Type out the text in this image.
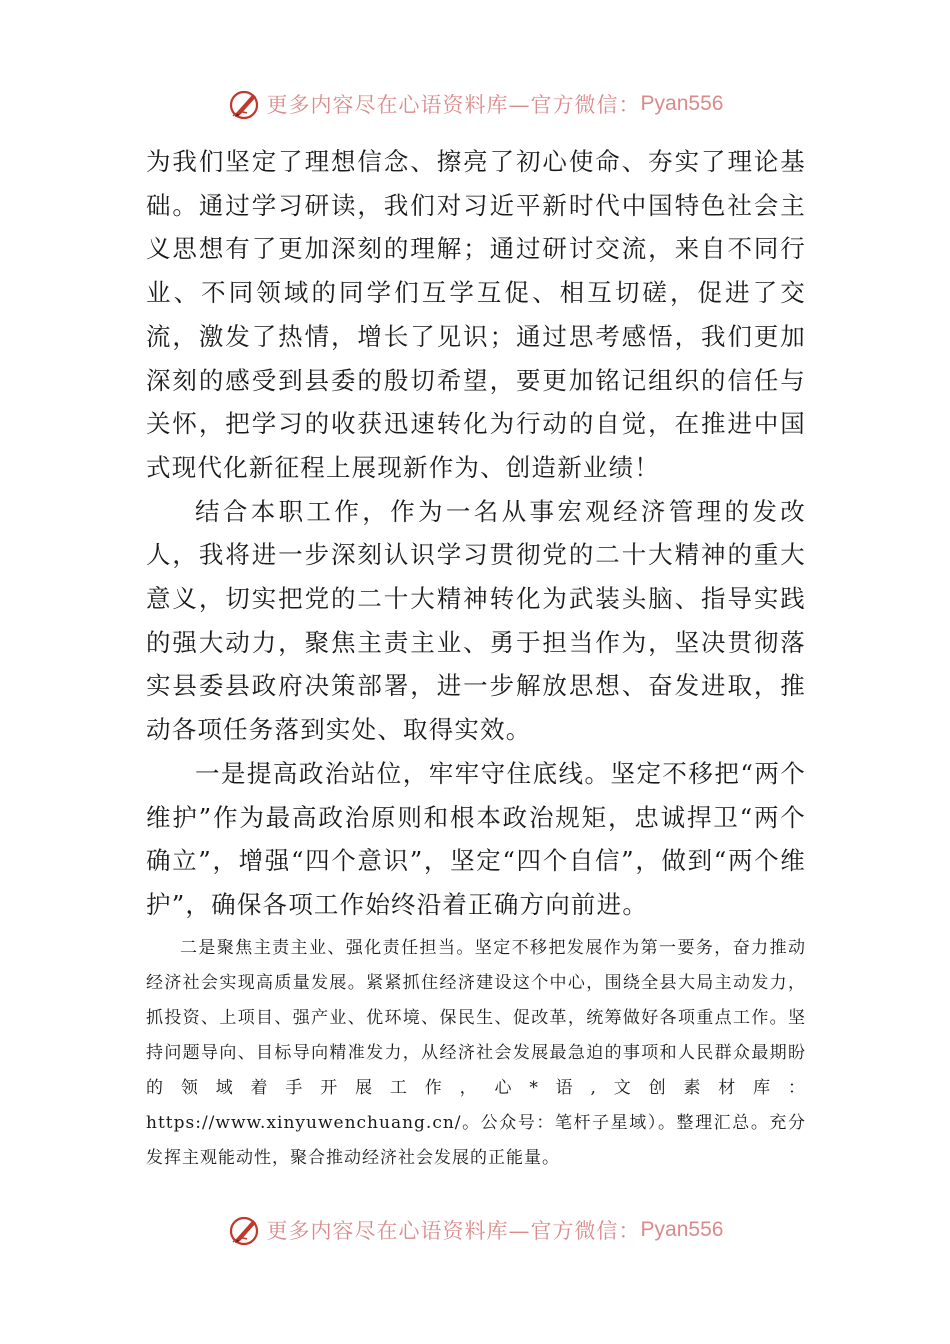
更多内容尽在心语资料库—官方微信： Pyan556

为我们坚定了理想信念、擦亮了初心使命、夯实了理论基础。通过学习研读，我们对习近平新时代中国特色社会主义思想有了更加深刻的理解；通过研讨交流，来自不同行业、不同领域的同学们互学互促、相互切磋，促进了交流，激发了热情，增长了见识；通过思考感悟，我们更加深刻的感受到县委的殷切希望，要更加铭记组织的信任与关怀，把学习的收获迅速转化为行动的自觉，在推进中国式现代化新征程上展现新作为、创造新业绩！

结合本职工作，作为一名从事宏观经济管理的发改人，我将进一步深刻认识学习贯彻党的二十大精神的重大意义，切实把党的二十大精神转化为武装头脑、指导实践的强大动力，聚焦主责主业、勇于担当作为，坚决贯彻落实县委县政府决策部署，进一步解放思想、奋发进取，推动各项任务落到实处、取得实效。

一是提高政治站位，牢牢守住底线。坚定不移把“两个维护”作为最高政治原则和根本政治规矩，忠诚捍卫“两个确立”，增强“四个意识”，坚定“四个自信”，做到“两个维护”，确保各项工作始终沿着正确方向前进。

二是聚焦主责主业、强化责任担当。坚定不移把发展作为第一要务，奋力推动经济社会实现高质量发展。紧紧抓住经济建设这个中心，围绕全县大局主动发力，抓投资、上项目、强产业、优环境、保民生、促改革，统筹做好各项重点工作。坚持问题导向、目标导向精准发力，从经济社会发展最急迫的事项和人民群众最期盼的领域着手开展工作，心*语,文创素材库：https://www.xinyuwenchuang.cn/。公众号：笔杆子星域）。整理汇总。充分发挥主观能动性，聚合推动经济社会发展的正能量。

更多内容尽在心语资料库—官方微信： Pyan556
